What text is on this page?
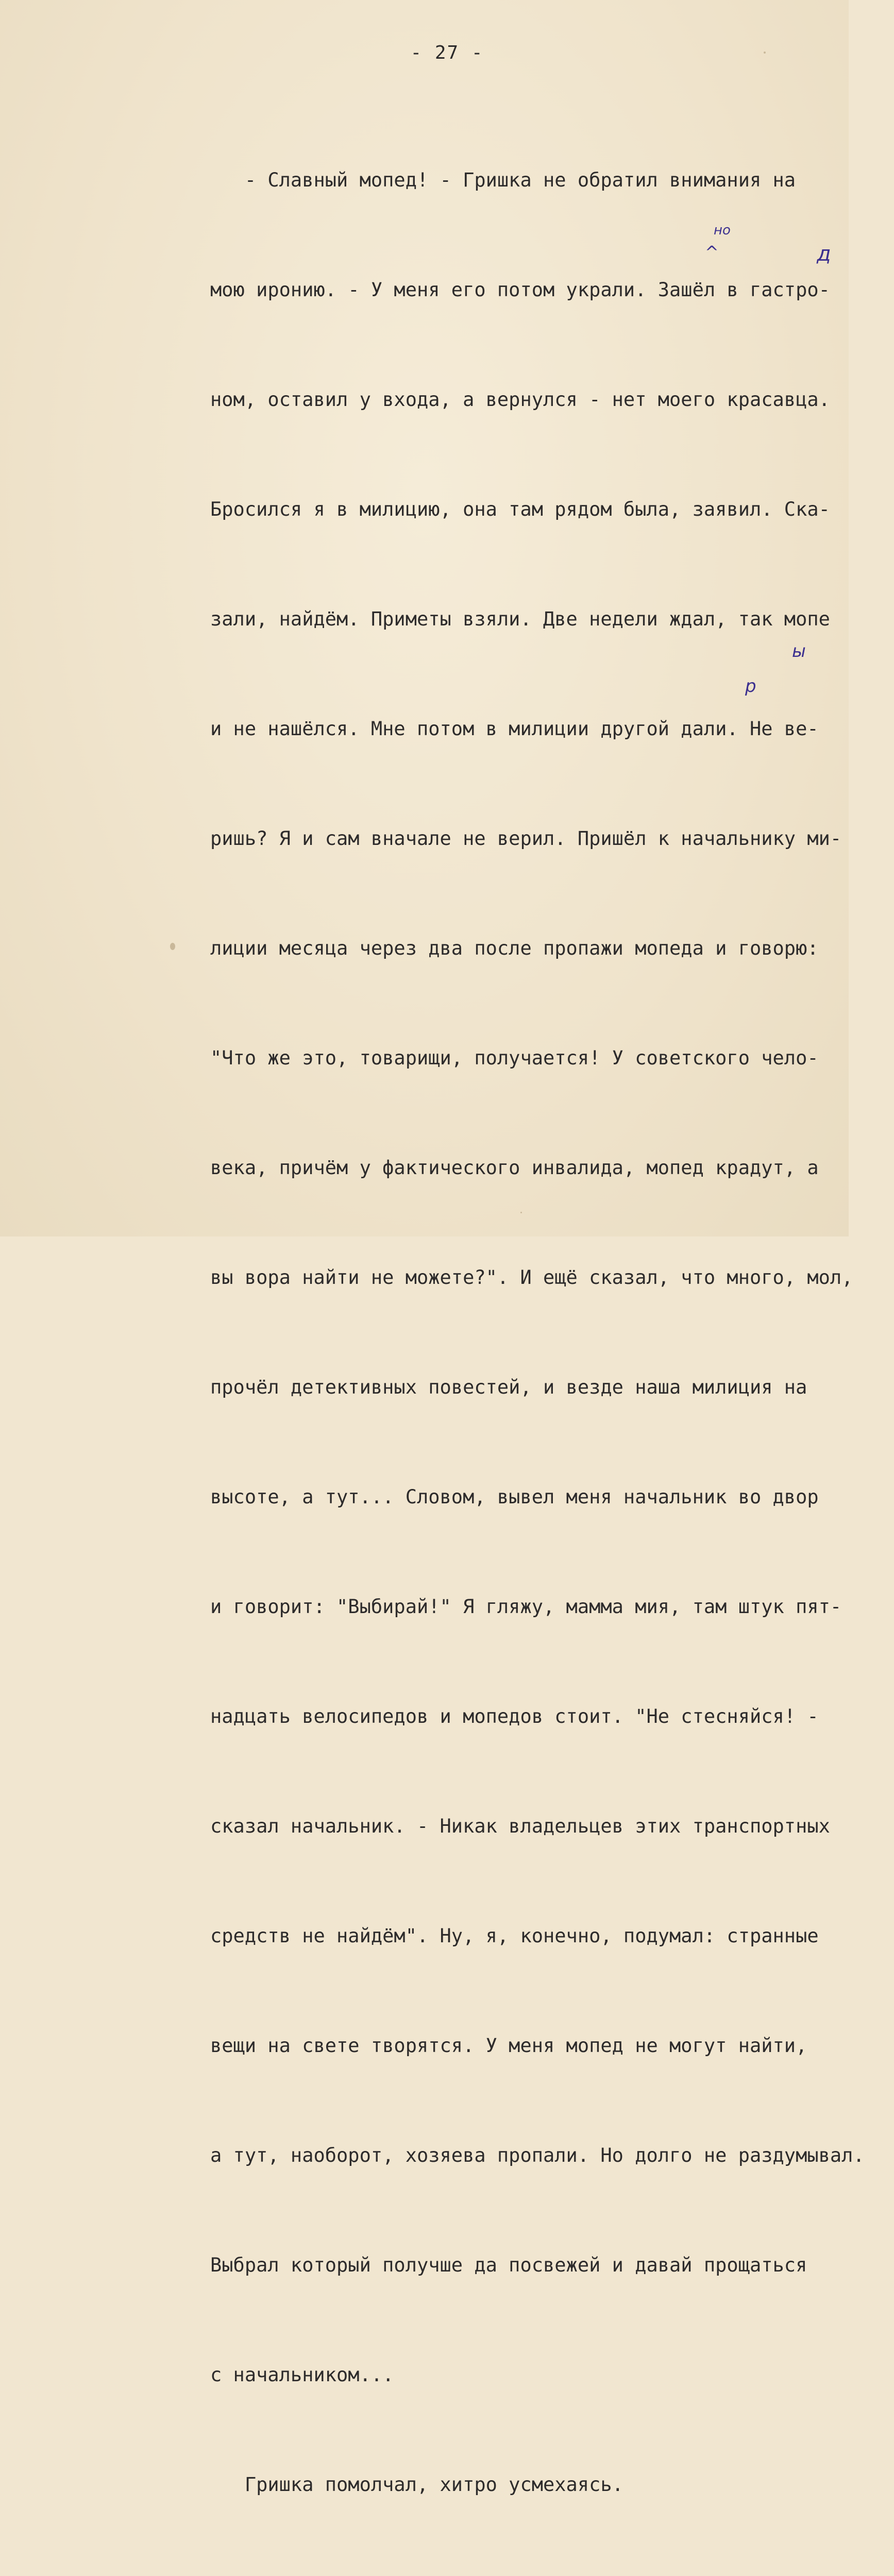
- 27 -

- Славный мопед! - Гришка не обратил внимания на

мою иронию. - У меня его потом украли. Зашёл в гастро-

ном, оставил у входа, а вернулся - нет моего красавца.

Бросился я в милицию, она там рядом была, заявил. Ска-

зали, найдём. Приметы взяли. Две недели ждал, так мопе

и не нашёлся. Мне потом в милиции другой дали. Не ве-

ришь? Я и сам вначале не верил. Пришёл к начальнику ми-

лиции месяца через два после пропажи мопеда и говорю:

"Что же это, товарищи, получается! У советского чело-

века, причём у фактического инвалида, мопед крадут, а

вы вора найти не можете?". И ещё сказал, что много, мол,

прочёл детективных повестей, и везде наша милиция на

высоте, а тут... Словом, вывел меня начальник во двор

и говорит: "Выбирай!" Я гляжу, мамма мия, там штук пят-

надцать велосипедов и мопедов стоит. "Не стесняйся! -

сказал начальник. - Никак владельцев этих транспортных

средств не найдём". Ну, я, конечно, подумал: странные

вещи на свете творятся. У меня мопед не могут найти,

а тут, наоборот, хозяева пропали. Но долго не раздумывал.

Выбрал который получше да посвежей и давай прощаться

с начальником...

Гришка помолчал, хитро усмехаясь.

но
^	д
ы
р
